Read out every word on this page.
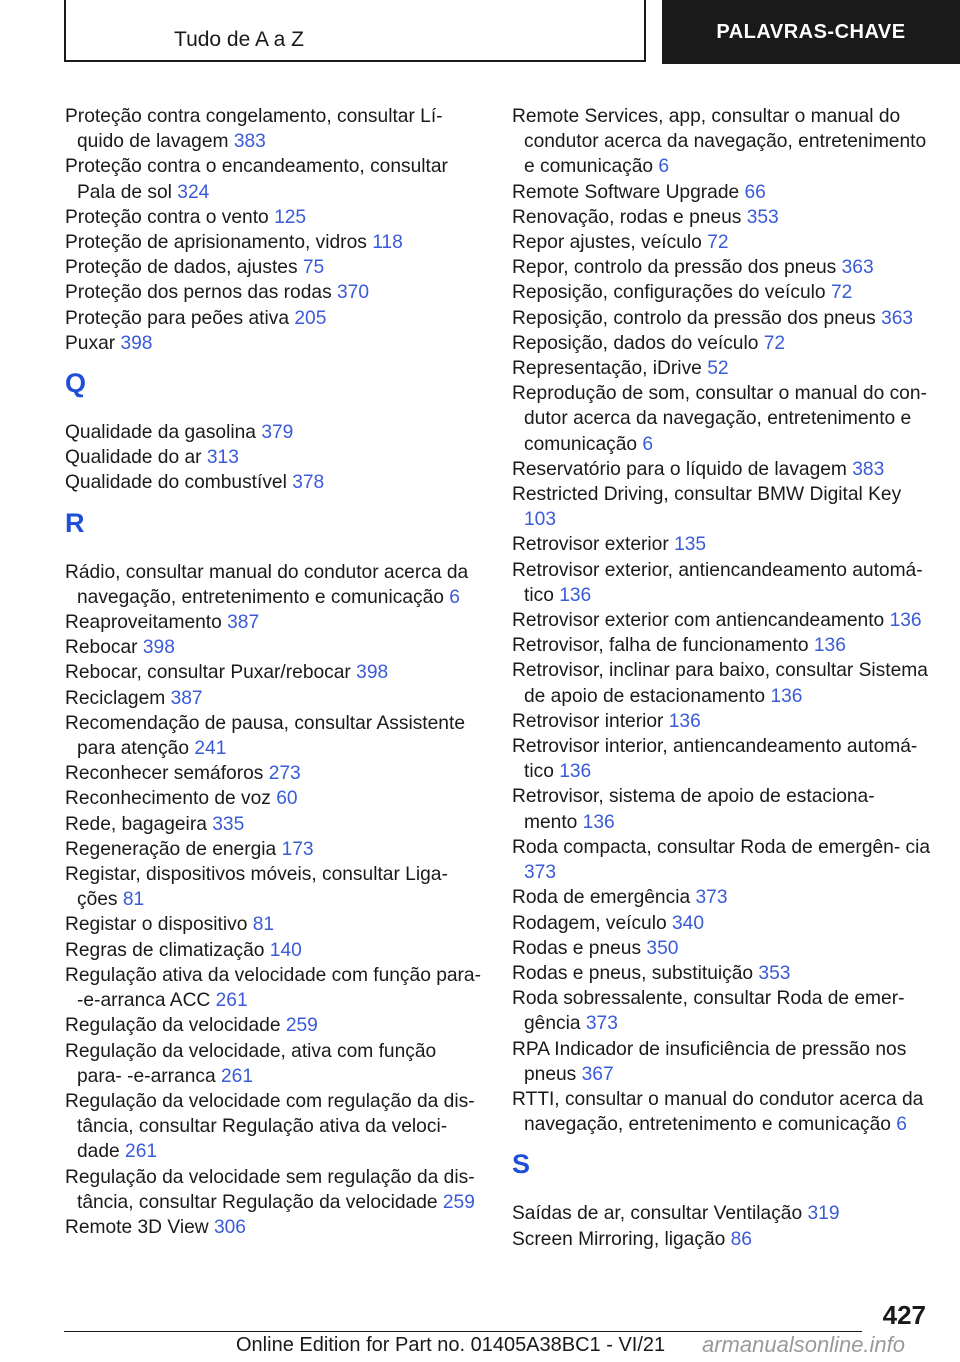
Tudo de A a Z	PALAVRAS-CHAVE
Proteção contra congelamento, consultar Lí- quido de lavagem 383
Proteção contra o encandeamento, consultar Pala de sol 324
Proteção contra o vento 125
Proteção de aprisionamento, vidros 118
Proteção de dados, ajustes 75
Proteção dos pernos das rodas 370
Proteção para peões ativa 205
Puxar 398
Q
Qualidade da gasolina 379
Qualidade do ar 313
Qualidade do combustível 378
R
Rádio, consultar manual do condutor acerca da navegação, entretenimento e comunicação 6
Reaproveitamento 387
Rebocar 398
Rebocar, consultar Puxar/rebocar 398
Reciclagem 387
Recomendação de pausa, consultar Assistente para atenção 241
Reconhecer semáforos 273
Reconhecimento de voz 60
Rede, bagageira 335
Regeneração de energia 173
Registar, dispositivos móveis, consultar Liga- ções 81
Registar o dispositivo 81
Regras de climatização 140
Regulação ativa da velocidade com função para- -e-arranca ACC 261
Regulação da velocidade 259
Regulação da velocidade, ativa com função para- -e-arranca 261
Regulação da velocidade com regulação da dis- tância, consultar Regulação ativa da veloci- dade 261
Regulação da velocidade sem regulação da dis- tância, consultar Regulação da velocidade 259
Remote 3D View 306
Remote Services, app, consultar o manual do condutor acerca da navegação, entretenimento e comunicação 6
Remote Software Upgrade 66
Renovação, rodas e pneus 353
Repor ajustes, veículo 72
Repor, controlo da pressão dos pneus 363
Reposição, configurações do veículo 72
Reposição, controlo da pressão dos pneus 363
Reposição, dados do veículo 72
Representação, iDrive 52
Reprodução de som, consultar o manual do con- dutor acerca da navegação, entretenimento e comunicação 6
Reservatório para o líquido de lavagem 383
Restricted Driving, consultar BMW Digital Key 103
Retrovisor exterior 135
Retrovisor exterior, antiencandeamento automá- tico 136
Retrovisor exterior com antiencandeamento 136
Retrovisor, falha de funcionamento 136
Retrovisor, inclinar para baixo, consultar Sistema de apoio de estacionamento 136
Retrovisor interior 136
Retrovisor interior, antiencandeamento automá- tico 136
Retrovisor, sistema de apoio de estaciona- mento 136
Roda compacta, consultar Roda de emergên- cia 373
Roda de emergência 373
Rodagem, veículo 340
Rodas e pneus 350
Rodas e pneus, substituição 353
Roda sobressalente, consultar Roda de emer- gência 373
RPA Indicador de insuficiência de pressão nos pneus 367
RTTI, consultar o manual do condutor acerca da navegação, entretenimento e comunicação 6
S
Saídas de ar, consultar Ventilação 319
Screen Mirroring, ligação 86
427
Online Edition for Part no. 01405A38BC1 - VI/21 armanualsonline.info
